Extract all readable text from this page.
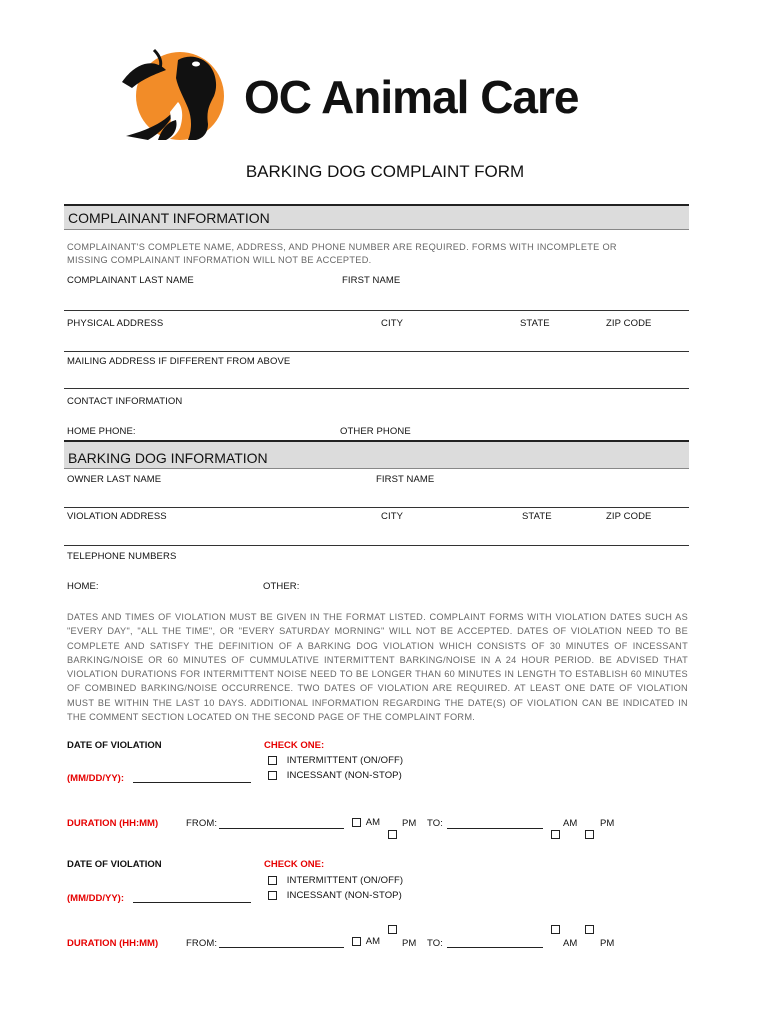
OC Animal Care
BARKING DOG COMPLAINT FORM
COMPLAINANT INFORMATION
COMPLAINANT'S COMPLETE NAME, ADDRESS, AND PHONE NUMBER ARE REQUIRED. FORMS WITH INCOMPLETE OR
MISSING COMPLAINANT INFORMATION WILL NOT BE ACCEPTED.
COMPLAINANT LAST NAME	FIRST NAME
PHYSICAL ADDRESS	CITY	STATE	ZIP CODE
MAILING ADDRESS IF DIFFERENT FROM ABOVE
CONTACT INFORMATION
HOME PHONE:	OTHER PHONE
BARKING DOG INFORMATION
OWNER LAST NAME	FIRST NAME
VIOLATION ADDRESS	CITY	STATE	ZIP CODE
TELEPHONE NUMBERS
HOME:	OTHER:
DATES AND TIMES OF VIOLATION MUST BE GIVEN IN THE FORMAT LISTED. COMPLAINT FORMS WITH VIOLATION DATES SUCH AS "EVERY DAY", "ALL THE TIME", OR "EVERY SATURDAY MORNING" WILL NOT BE ACCEPTED. DATES OF VIOLATION NEED TO BE COMPLETE AND SATISFY THE DEFINITION OF A BARKING DOG VIOLATION WHICH CONSISTS OF 30 MINUTES OF INCESSANT BARKING/NOISE OR 60 MINUTES OF CUMMULATIVE INTERMITTENT BARKING/NOISE IN A 24 HOUR PERIOD. BE ADVISED THAT VIOLATION DURATIONS FOR INTERMITTENT NOISE NEED TO BE LONGER THAN 60 MINUTES IN LENGTH TO ESTABLISH 60 MINUTES OF COMBINED BARKING/NOISE OCCURRENCE. TWO DATES OF VIOLATION ARE REQUIRED. AT LEAST ONE DATE OF VIOLATION MUST BE WITHIN THE LAST 10 DAYS. ADDITIONAL INFORMATION REGARDING THE DATE(S) OF VIOLATION CAN BE INDICATED IN THE COMMENT SECTION LOCATED ON THE SECOND PAGE OF THE COMPLAINT FORM.
DATE OF VIOLATION	CHECK ONE:
INTERMITTENT (ON/OFF)
INCESSANT (NON-STOP)
(MM/DD/YY):
DURATION (HH:MM)	FROM:	AM PM TO:	AM PM
DATE OF VIOLATION	CHECK ONE:
INTERMITTENT (ON/OFF)
INCESSANT (NON-STOP)
(MM/DD/YY):
DURATION (HH:MM)	FROM:	AM PM TO:	AM PM
